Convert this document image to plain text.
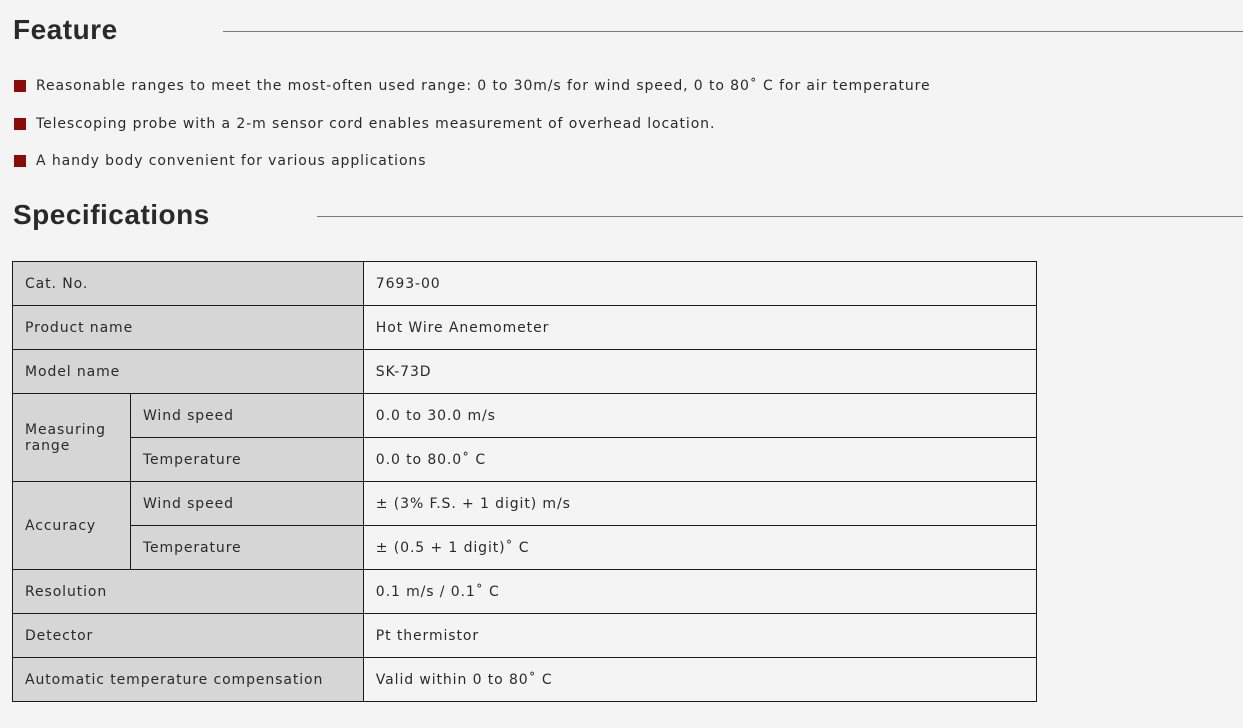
Feature
Reasonable ranges to meet the most-often used range: 0 to 30m/s for wind speed, 0 to 80˚ C for air temperature
Telescoping probe with a 2-m sensor cord enables measurement of overhead location.
A handy body convenient for various applications
Specifications
Cat. No.		7693-00
Product name		Hot Wire Anemometer
Model name		SK-73D
Measuring range	Wind speed	0.0 to 30.0 m/s
	Temperature	0.0 to 80.0˚ C
Accuracy	Wind speed	± (3% F.S. + 1 digit) m/s
	Temperature	± (0.5 + 1 digit)˚ C
Resolution		0.1 m/s / 0.1˚ C
Detector		Pt thermistor
Automatic temperature compensation		Valid within 0 to 80˚ C
